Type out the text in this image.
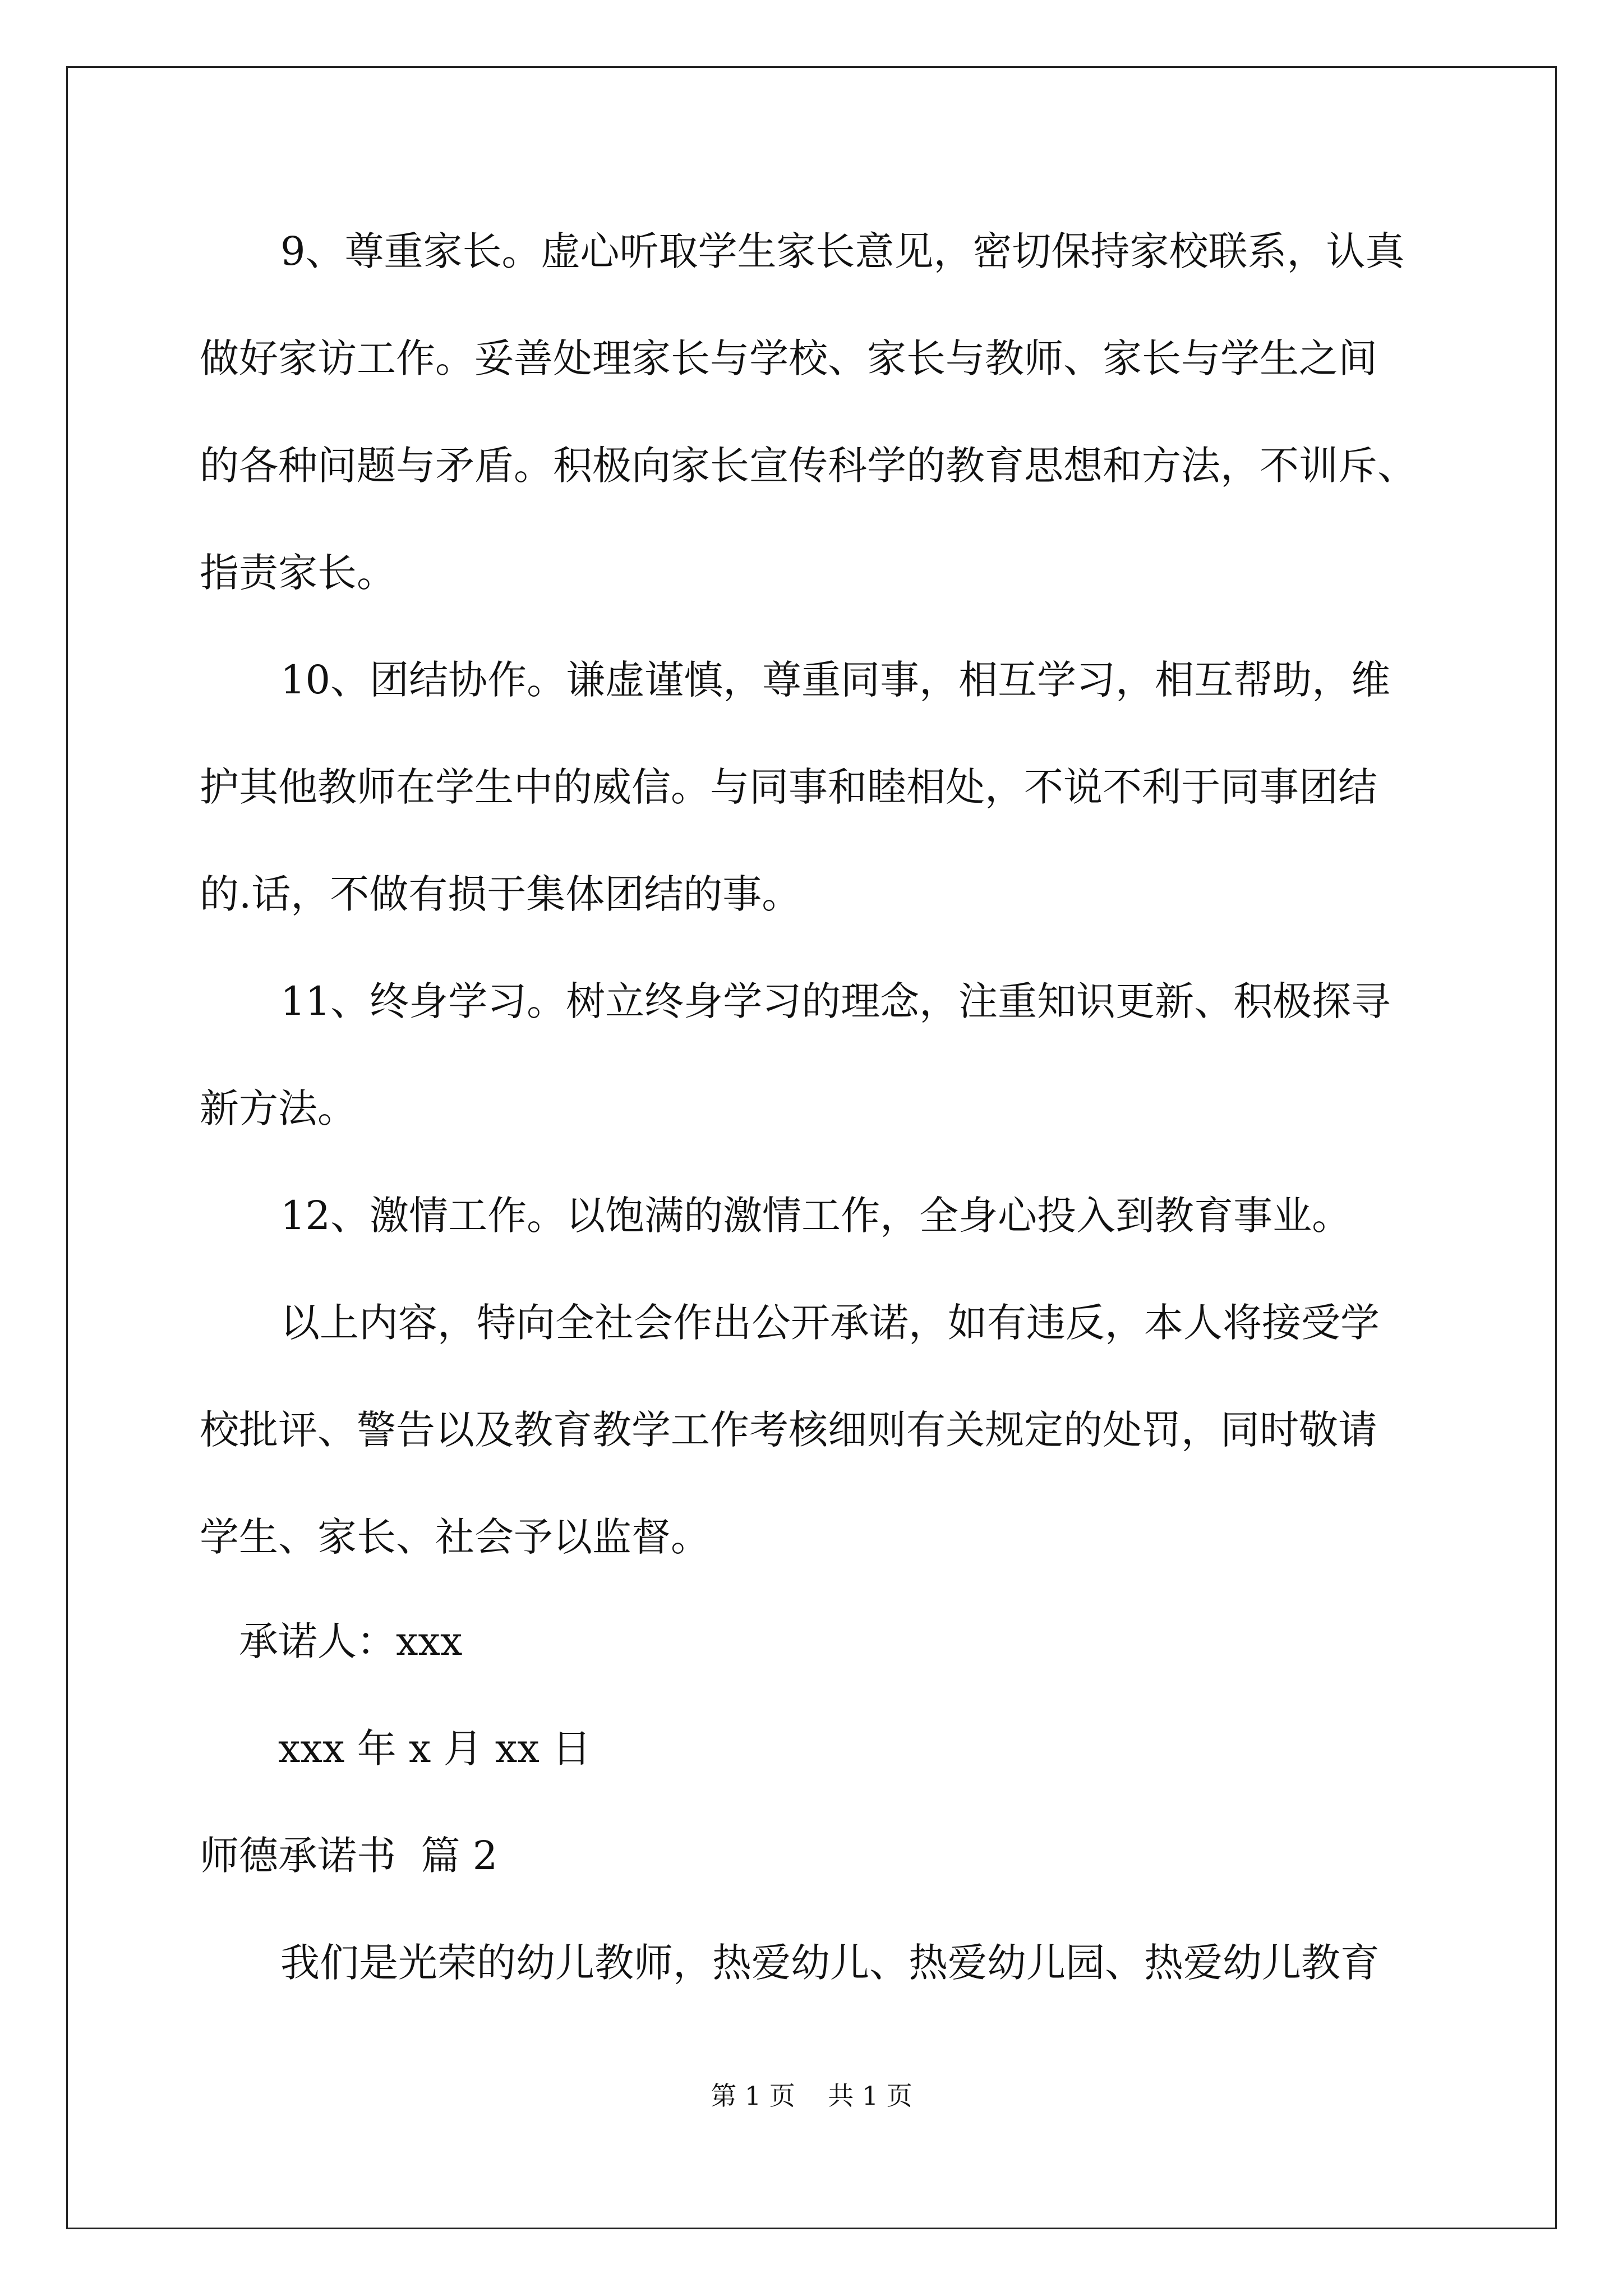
9、尊重家长。虚心听取学生家长意见，密切保持家校联系，认真
做好家访工作。妥善处理家长与学校、家长与教师、家长与学生之间
的各种问题与矛盾。积极向家长宣传科学的教育思想和方法，不训斥、
指责家长。
10、团结协作。谦虚谨慎，尊重同事，相互学习，相互帮助，维
护其他教师在学生中的威信。与同事和睦相处，不说不利于同事团结
的.话，不做有损于集体团结的事。
11、终身学习。树立终身学习的理念，注重知识更新、积极探寻
新方法。
12、激情工作。以饱满的激情工作，全身心投入到教育事业。
以上内容，特向全社会作出公开承诺，如有违反，本人将接受学
校批评、警告以及教育教学工作考核细则有关规定的处罚，同时敬请
学生、家长、社会予以监督。
承诺人：xxx
xxx 年 x 月 xx 日
师德承诺书  篇 2
我们是光荣的幼儿教师，热爱幼儿、热爱幼儿园、热爱幼儿教育
第 1 页    共 1 页
